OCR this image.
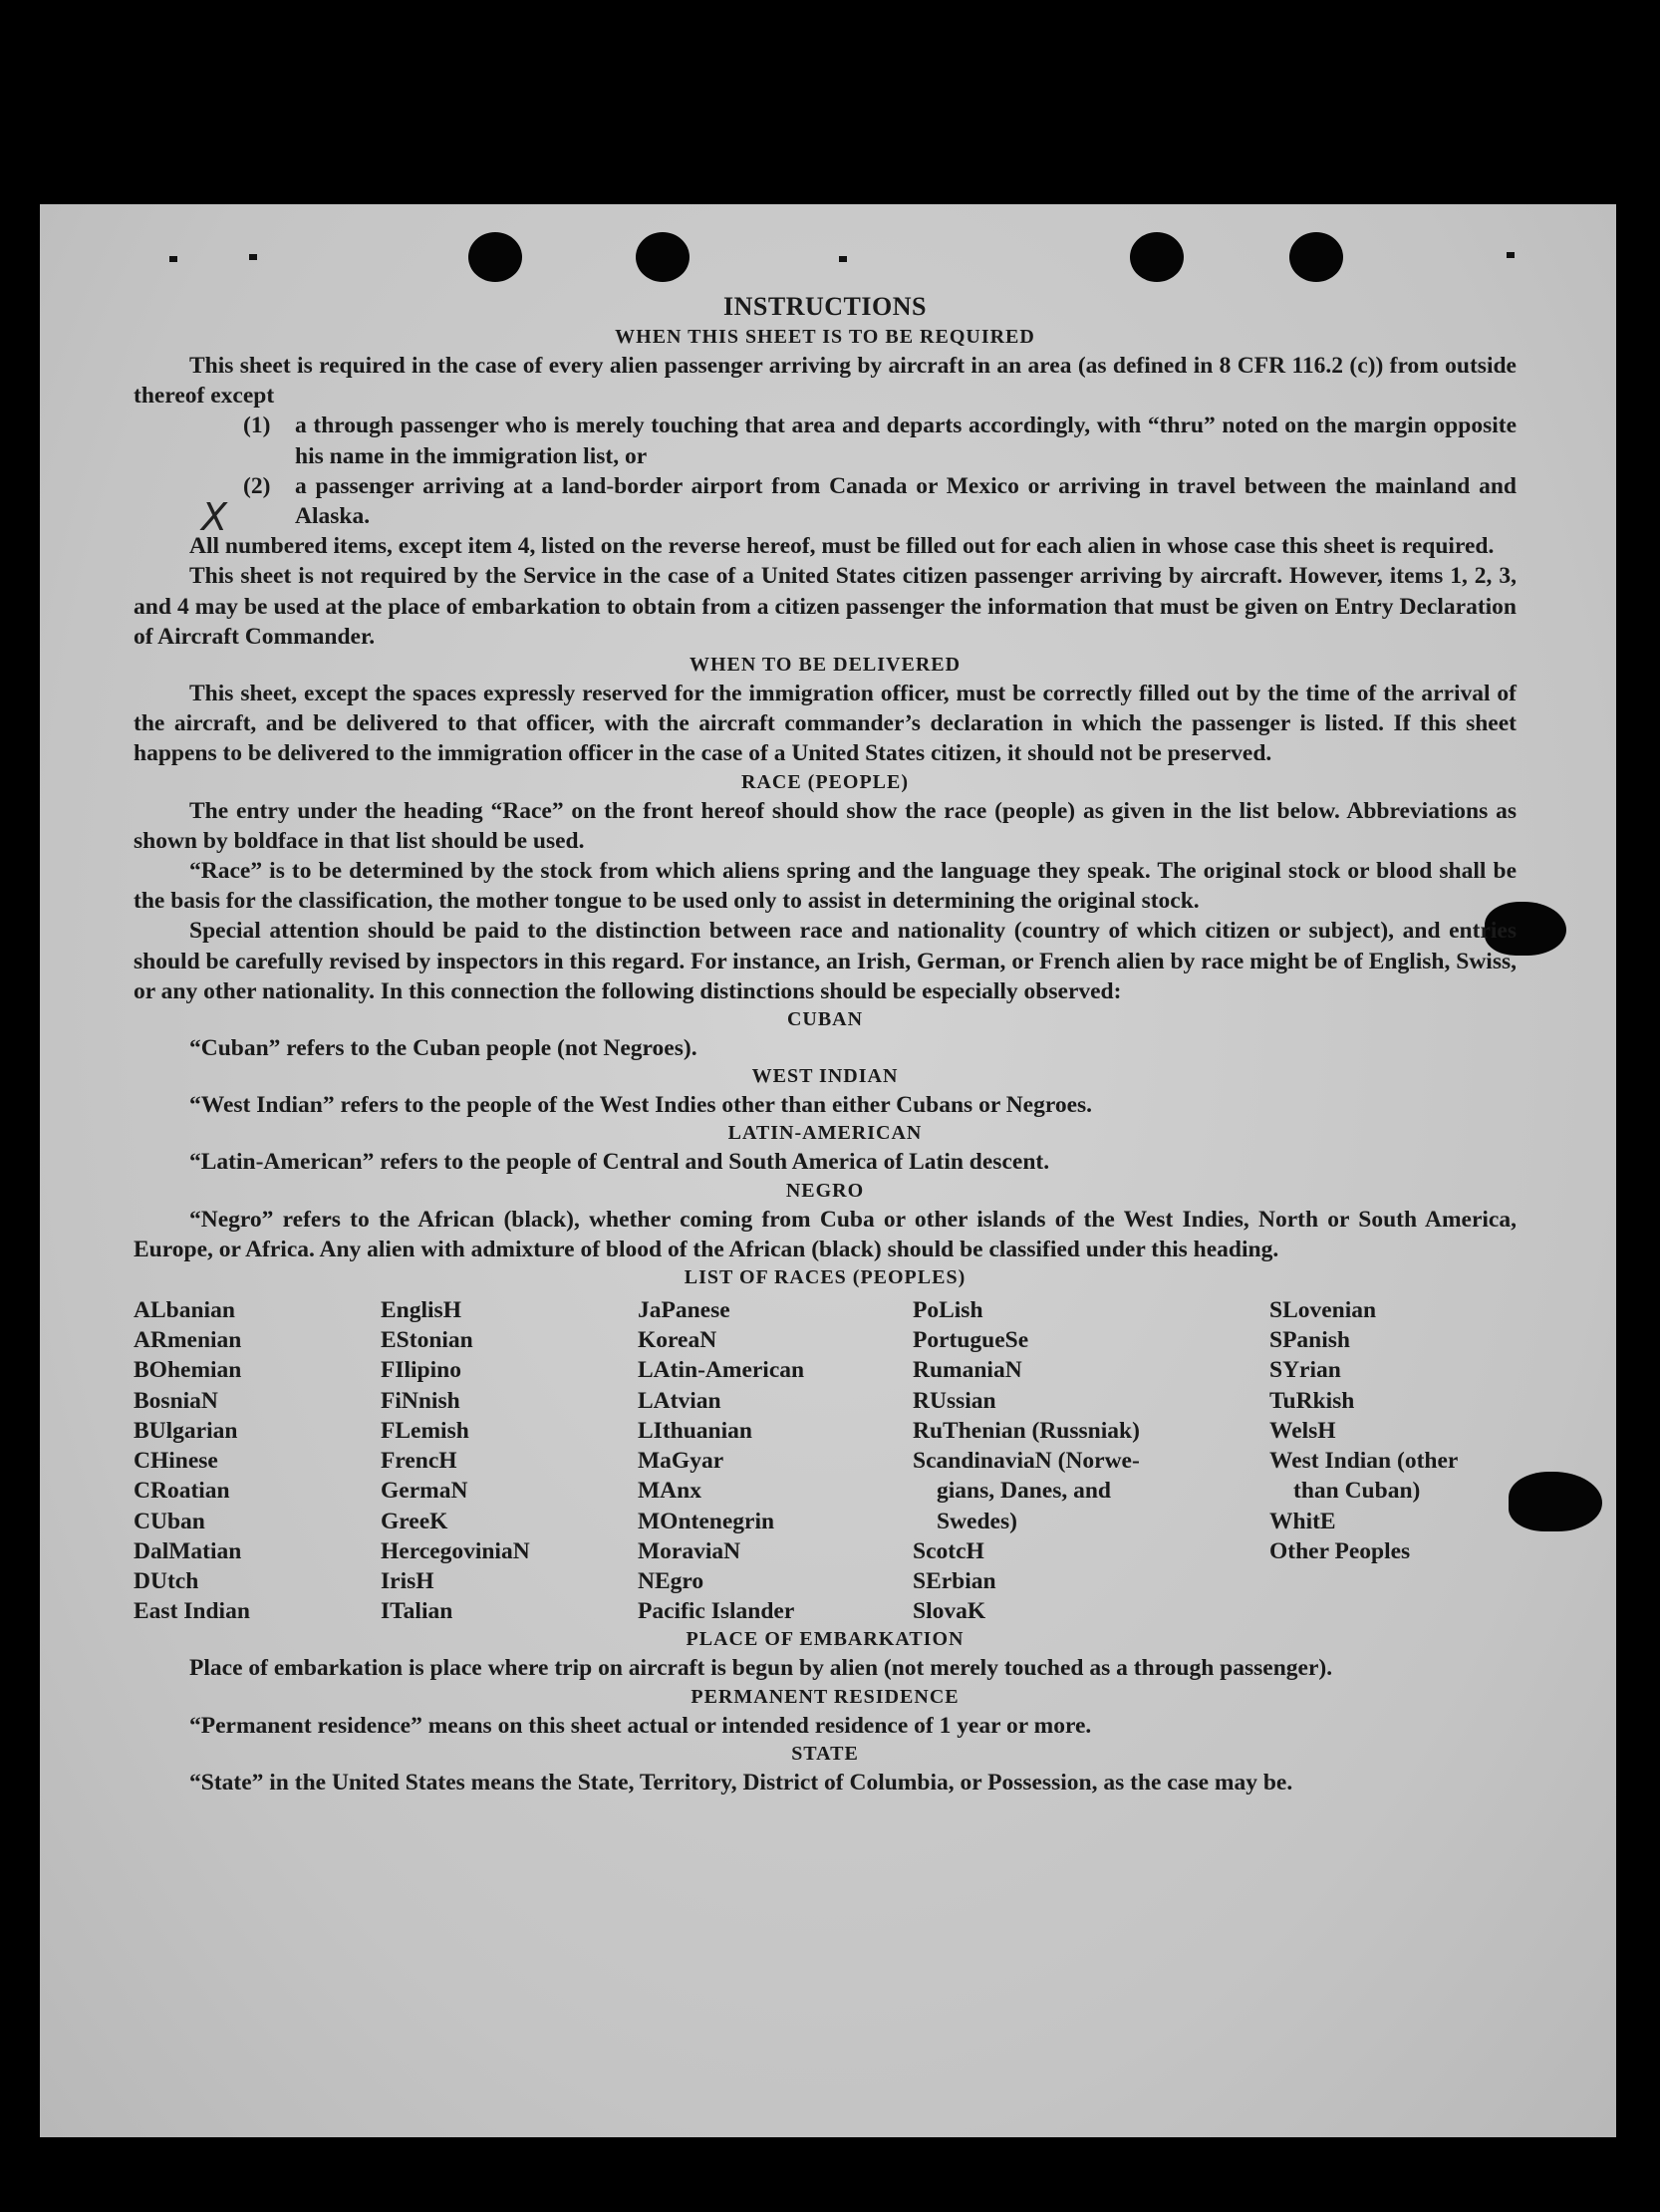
X
INSTRUCTIONS
WHEN THIS SHEET IS TO BE REQUIRED

This sheet is required in the case of every alien passenger arriving by aircraft in an area (as defined in 8 CFR 116.2 (c)) from outside thereof except

(1)	a through passenger who is merely touching that area and departs accordingly, with “thru” noted on the margin opposite his name in the immigration list, or
(2)	a passenger arriving at a land-border airport from Canada or Mexico or arriving in travel between the mainland and Alaska.

All numbered items, except item 4, listed on the reverse hereof, must be filled out for each alien in whose case this sheet is required.

This sheet is not required by the Service in the case of a United States citizen passenger arriving by aircraft. However, items 1, 2, 3, and 4 may be used at the place of embarkation to obtain from a citizen passenger the information that must be given on Entry Declaration of Aircraft Commander.

WHEN TO BE DELIVERED

This sheet, except the spaces expressly reserved for the immigration officer, must be correctly filled out by the time of the arrival of the aircraft, and be delivered to that officer, with the aircraft commander’s declaration in which the passenger is listed. If this sheet happens to be delivered to the immigration officer in the case of a United States citizen, it should not be preserved.

RACE (PEOPLE)

The entry under the heading “Race” on the front hereof should show the race (people) as given in the list below. Abbreviations as shown by boldface in that list should be used.

“Race” is to be determined by the stock from which aliens spring and the language they speak. The original stock or blood shall be the basis for the classification, the mother tongue to be used only to assist in determining the original stock.

Special attention should be paid to the distinction between race and nationality (country of which citizen or subject), and entries should be carefully revised by inspectors in this regard. For instance, an Irish, German, or French alien by race might be of English, Swiss, or any other nationality. In this connection the following distinctions should be especially observed:

CUBAN

“Cuban” refers to the Cuban people (not Negroes).

WEST INDIAN

“West Indian” refers to the people of the West Indies other than either Cubans or Negroes.

LATIN-AMERICAN

“Latin-American” refers to the people of Central and South America of Latin descent.

NEGRO

“Negro” refers to the African (black), whether coming from Cuba or other islands of the West Indies, North or South America, Europe, or Africa. Any alien with admixture of blood of the African (black) should be classified under this heading.

LIST OF RACES (PEOPLES)
ALbanian
ARmenian
BOhemian
BosniaN
BUlgarian
CHinese
CRoatian
CUban
DalMatian
DUtch
East Indian
EnglisH
EStonian
FIlipino
FiNnish
FLemish
FrencH
GermaN
GreeK
HercegoviniaN
IrisH
ITalian
JaPanese
KoreaN
LAtin-American
LAtvian
LIthuanian
MaGyar
MAnx
MOntenegrin
MoraviaN
NEgro
Pacific Islander
PoLish
PortugueSe
RumaniaN
RUssian
RuThenian (Russniak)
ScandinaviaN (Norwe-
gians, Danes, and
Swedes)
ScotcH
SErbian
SlovaK
SLovenian
SPanish
SYrian
TuRkish
WelsH
West Indian (other
than Cuban)
WhitE
Other Peoples
PLACE OF EMBARKATION

Place of embarkation is place where trip on aircraft is begun by alien (not merely touched as a through passenger).

PERMANENT RESIDENCE

“Permanent residence” means on this sheet actual or intended residence of 1 year or more.

STATE

“State” in the United States means the State, Territory, District of Columbia, or Possession, as the case may be.
